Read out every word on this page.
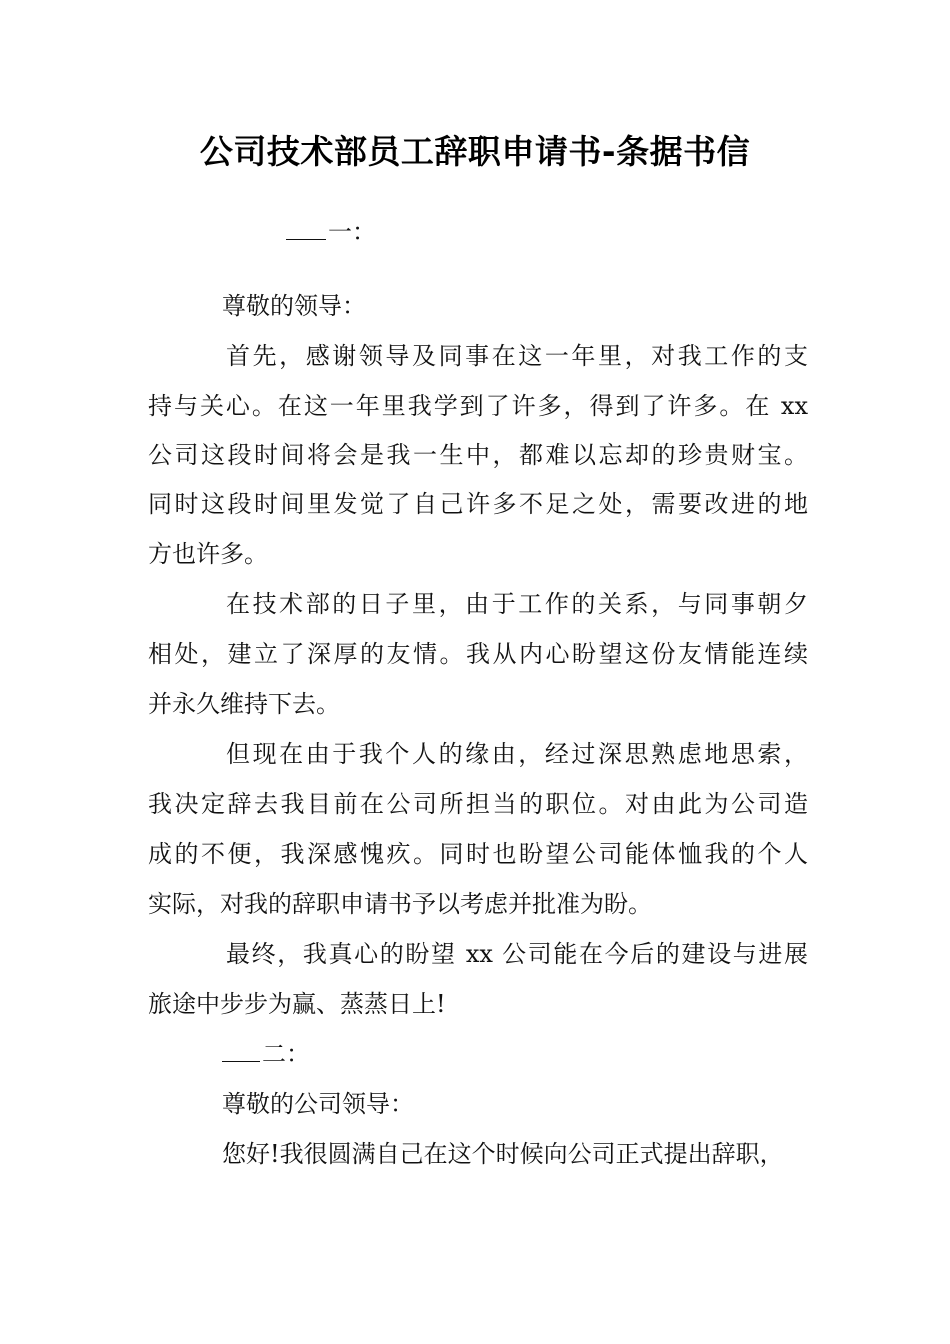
公司技术部员工辞职申请书-条据书信
一：
尊敬的领导：
首先，感谢领导及同事在这一年里，对我工作的支
持与关心。在这一年里我学到了许多，得到了许多。在 xx
公司这段时间将会是我一生中，都难以忘却的珍贵财宝。
同时这段时间里发觉了自己许多不足之处，需要改进的地
方也许多。
在技术部的日子里，由于工作的关系，与同事朝夕
相处，建立了深厚的友情。我从内心盼望这份友情能连续
并永久维持下去。
但现在由于我个人的缘由，经过深思熟虑地思索，
我决定辞去我目前在公司所担当的职位。对由此为公司造
成的不便，我深感愧疚。同时也盼望公司能体恤我的个人
实际，对我的辞职申请书予以考虑并批准为盼。
最终，我真心的盼望 xx 公司能在今后的建设与进展
旅途中步步为赢、蒸蒸日上!
二：
尊敬的公司领导：
您好!我很圆满自己在这个时候向公司正式提出辞职，
